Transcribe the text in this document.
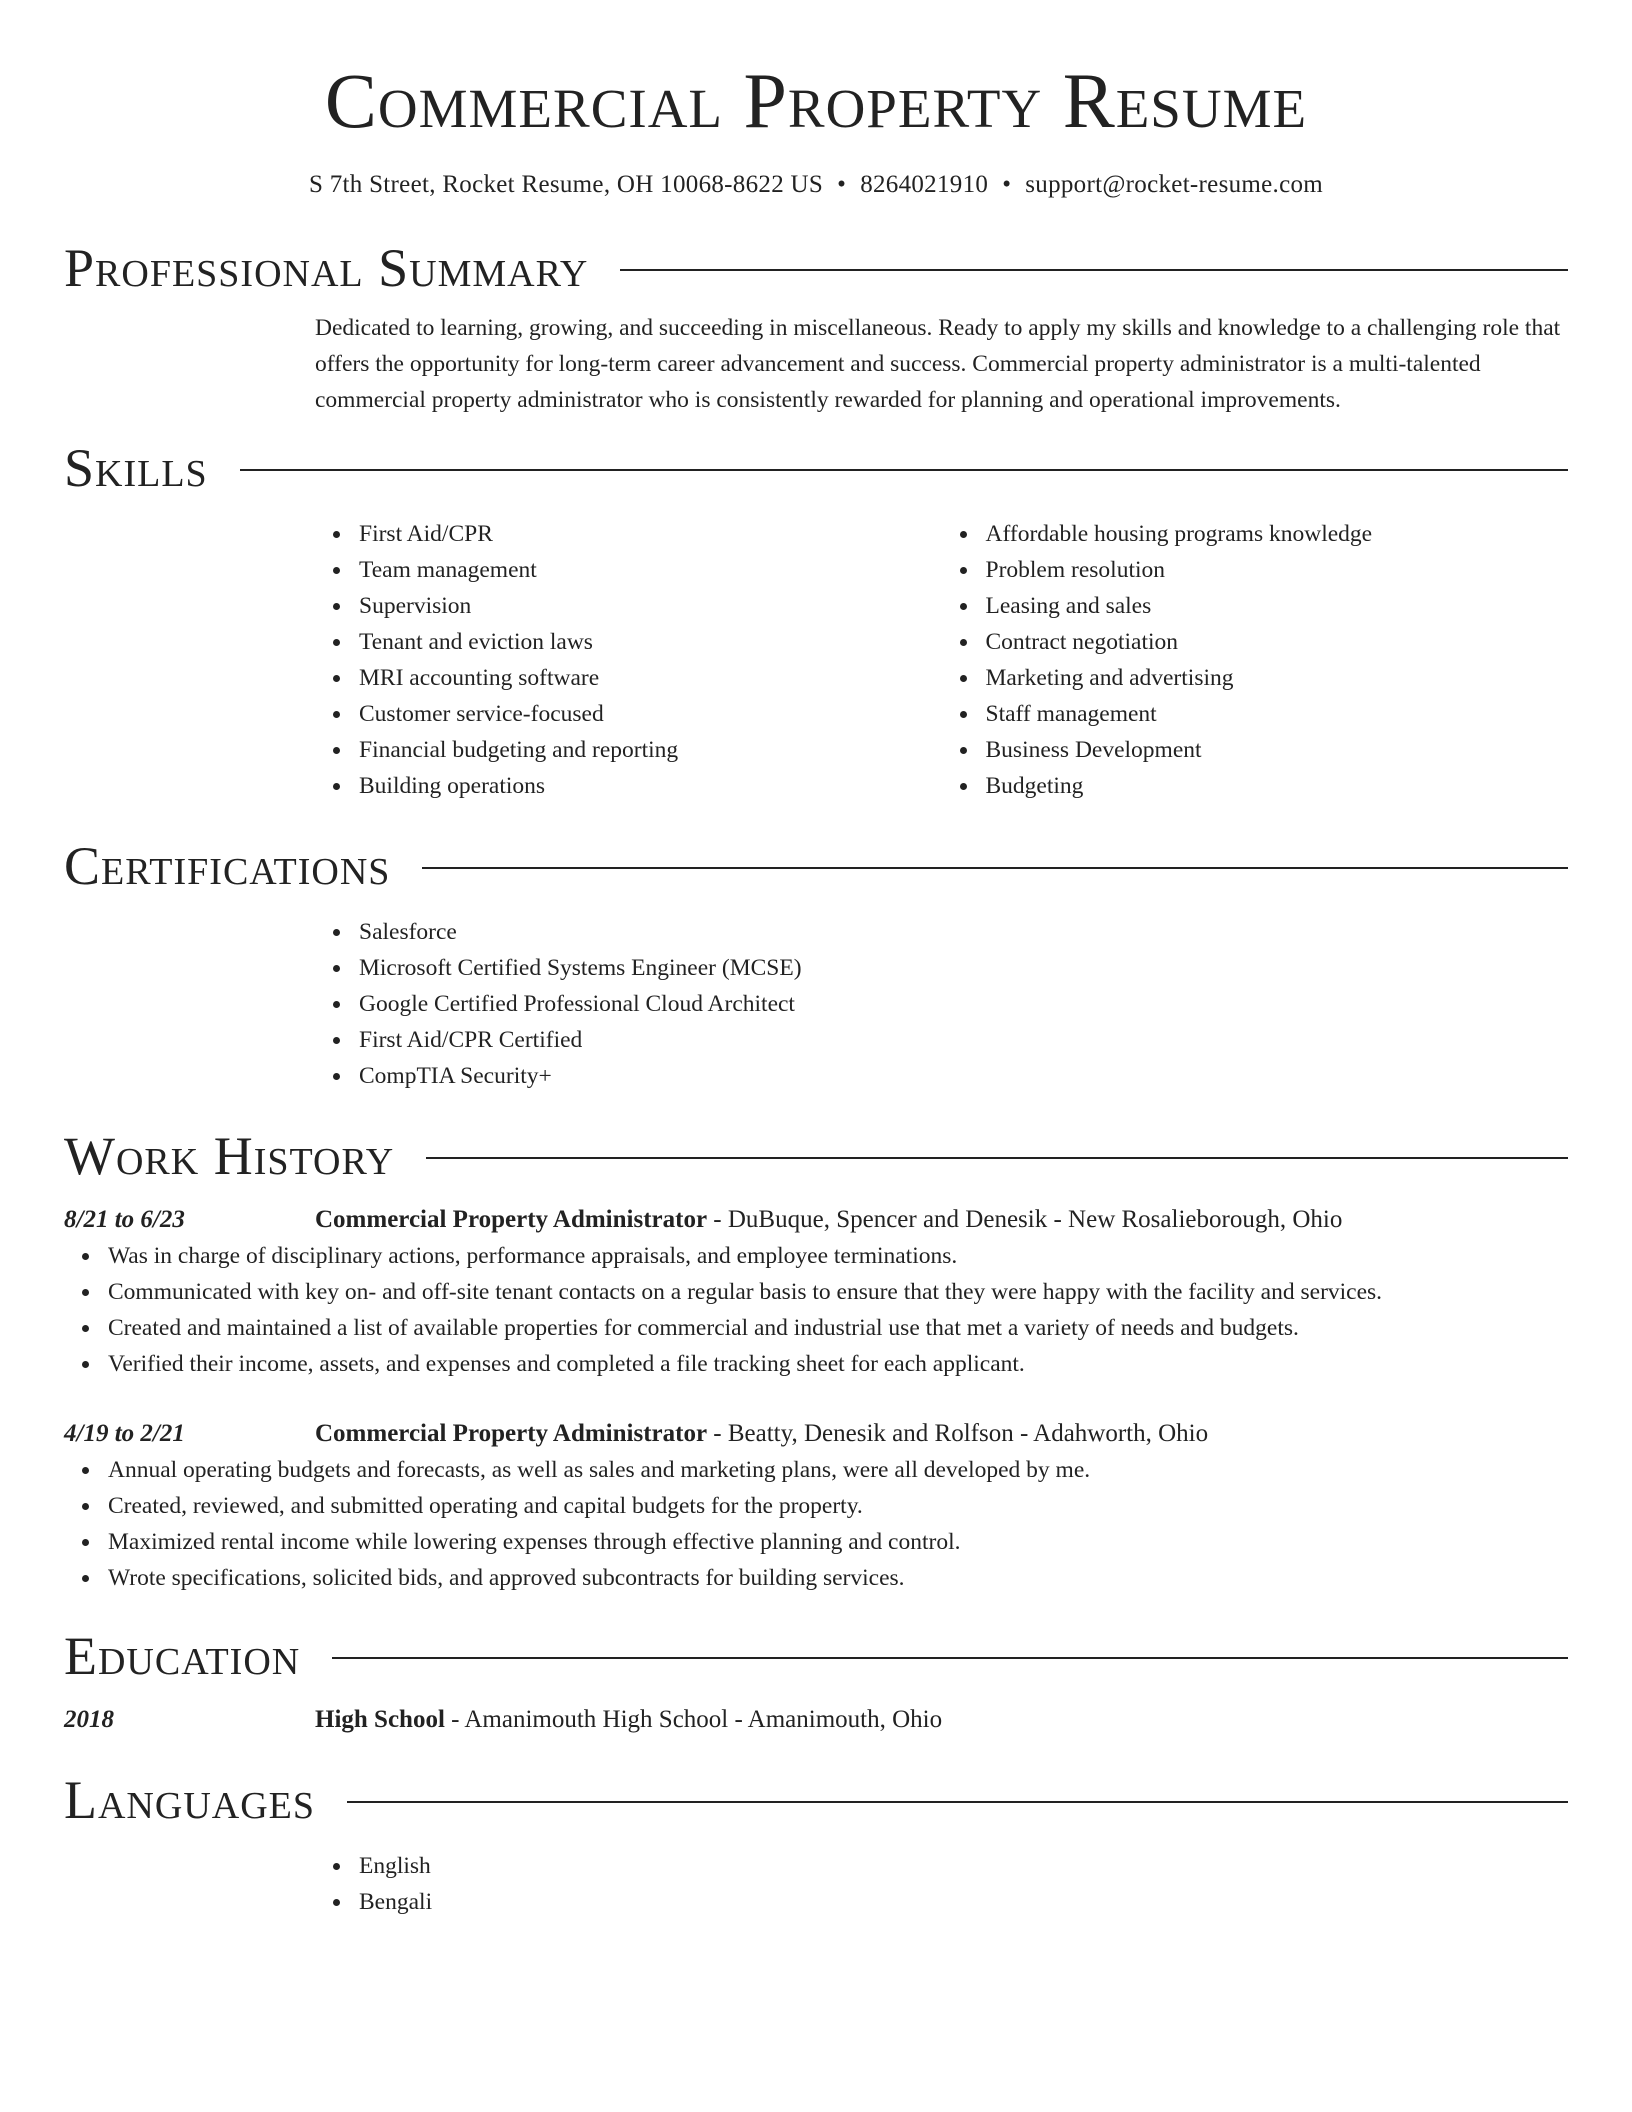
Commercial Property Resume
S 7th Street, Rocket Resume, OH 10068-8622 US • 8264021910 • support@rocket-resume.com
Professional Summary
Dedicated to learning, growing, and succeeding in miscellaneous. Ready to apply my skills and knowledge to a challenging role that offers the opportunity for long-term career advancement and success. Commercial property administrator is a multi-talented commercial property administrator who is consistently rewarded for planning and operational improvements.
Skills
First Aid/CPR
Team management
Supervision
Tenant and eviction laws
MRI accounting software
Customer service-focused
Financial budgeting and reporting
Building operations
Affordable housing programs knowledge
Problem resolution
Leasing and sales
Contract negotiation
Marketing and advertising
Staff management
Business Development
Budgeting
Certifications
Salesforce
Microsoft Certified Systems Engineer (MCSE)
Google Certified Professional Cloud Architect
First Aid/CPR Certified
CompTIA Security+
Work History
8/21 to 6/23	Commercial Property Administrator - DuBuque, Spencer and Denesik - New Rosalieborough, Ohio
Was in charge of disciplinary actions, performance appraisals, and employee terminations.
Communicated with key on- and off-site tenant contacts on a regular basis to ensure that they were happy with the facility and services.
Created and maintained a list of available properties for commercial and industrial use that met a variety of needs and budgets.
Verified their income, assets, and expenses and completed a file tracking sheet for each applicant.
4/19 to 2/21	Commercial Property Administrator - Beatty, Denesik and Rolfson - Adahworth, Ohio
Annual operating budgets and forecasts, as well as sales and marketing plans, were all developed by me.
Created, reviewed, and submitted operating and capital budgets for the property.
Maximized rental income while lowering expenses through effective planning and control.
Wrote specifications, solicited bids, and approved subcontracts for building services.
Education
2018	High School - Amanimouth High School - Amanimouth, Ohio
Languages
English
Bengali
